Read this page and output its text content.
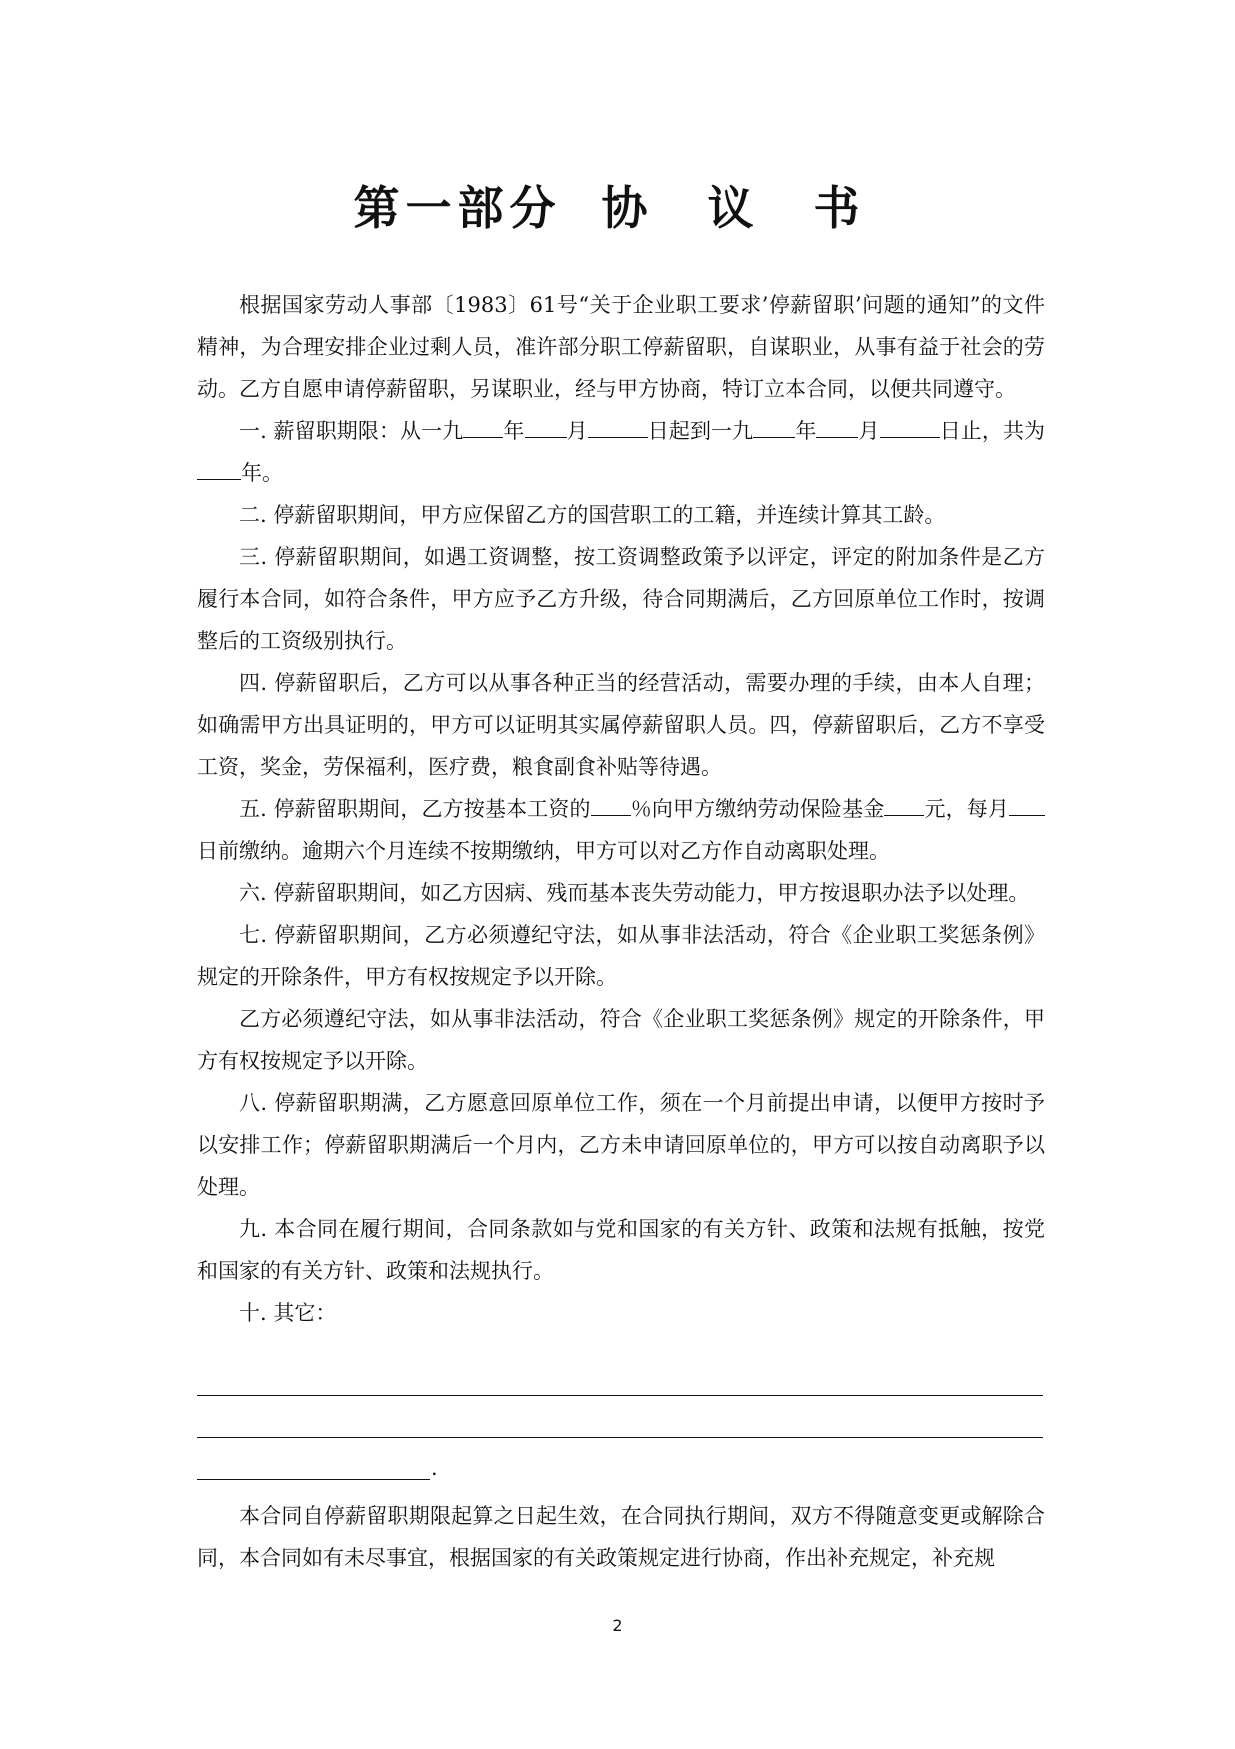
第一部分 协 议 书

根据国家劳动人事部〔1983〕61号“关于企业职工要求’停薪留职’问题的通知”的文件精神，为合理安排企业过剩人员，准许部分职工停薪留职，自谋职业，从事有益于社会的劳动。乙方自愿申请停薪留职，另谋职业，经与甲方协商，特订立本合同，以便共同遵守。

一. 薪留职期限：从一九 年 月	日起到一九 年 月	日止，共为年。

二. 停薪留职期间，甲方应保留乙方的国营职工的工籍，并连续计算其工龄。

三. 停薪留职期间，如遇工资调整，按工资调整政策予以评定，评定的附加条件是乙方履行本合同，如符合条件，甲方应予乙方升级，待合同期满后，乙方回原单位工作时，按调整后的工资级别执行。

四. 停薪留职后，乙方可以从事各种正当的经营活动，需要办理的手续，由本人自理；如确需甲方出具证明的，甲方可以证明其实属停薪留职人员。四，停薪留职后，乙方不享受工资，奖金，劳保福利，医疗费，粮食副食补贴等待遇。

五. 停薪留职期间，乙方按基本工资的 ％向甲方缴纳劳动保险基金 元，每月日前缴纳。逾期六个月连续不按期缴纳，甲方可以对乙方作自动离职处理。

六. 停薪留职期间，如乙方因病、残而基本丧失劳动能力，甲方按退职办法予以处理。

七. 停薪留职期间，乙方必须遵纪守法，如从事非法活动，符合《企业职工奖惩条例》规定的开除条件，甲方有权按规定予以开除。

乙方必须遵纪守法，如从事非法活动，符合《企业职工奖惩条例》规定的开除条件，甲方有权按规定予以开除。

八. 停薪留职期满，乙方愿意回原单位工作，须在一个月前提出申请，以便甲方按时予以安排工作；停薪留职期满后一个月内，乙方未申请回原单位的，甲方可以按自动离职予以处理。

九. 本合同在履行期间，合同条款如与党和国家的有关方针、政策和法规有抵触，按党和国家的有关方针、政策和法规执行。

十. 其它：

.

本合同自停薪留职期限起算之日起生效，在合同执行期间，双方不得随意变更或解除合同，本合同如有未尽事宜，根据国家的有关政策规定进行协商，作出补充规定，补充规

2
